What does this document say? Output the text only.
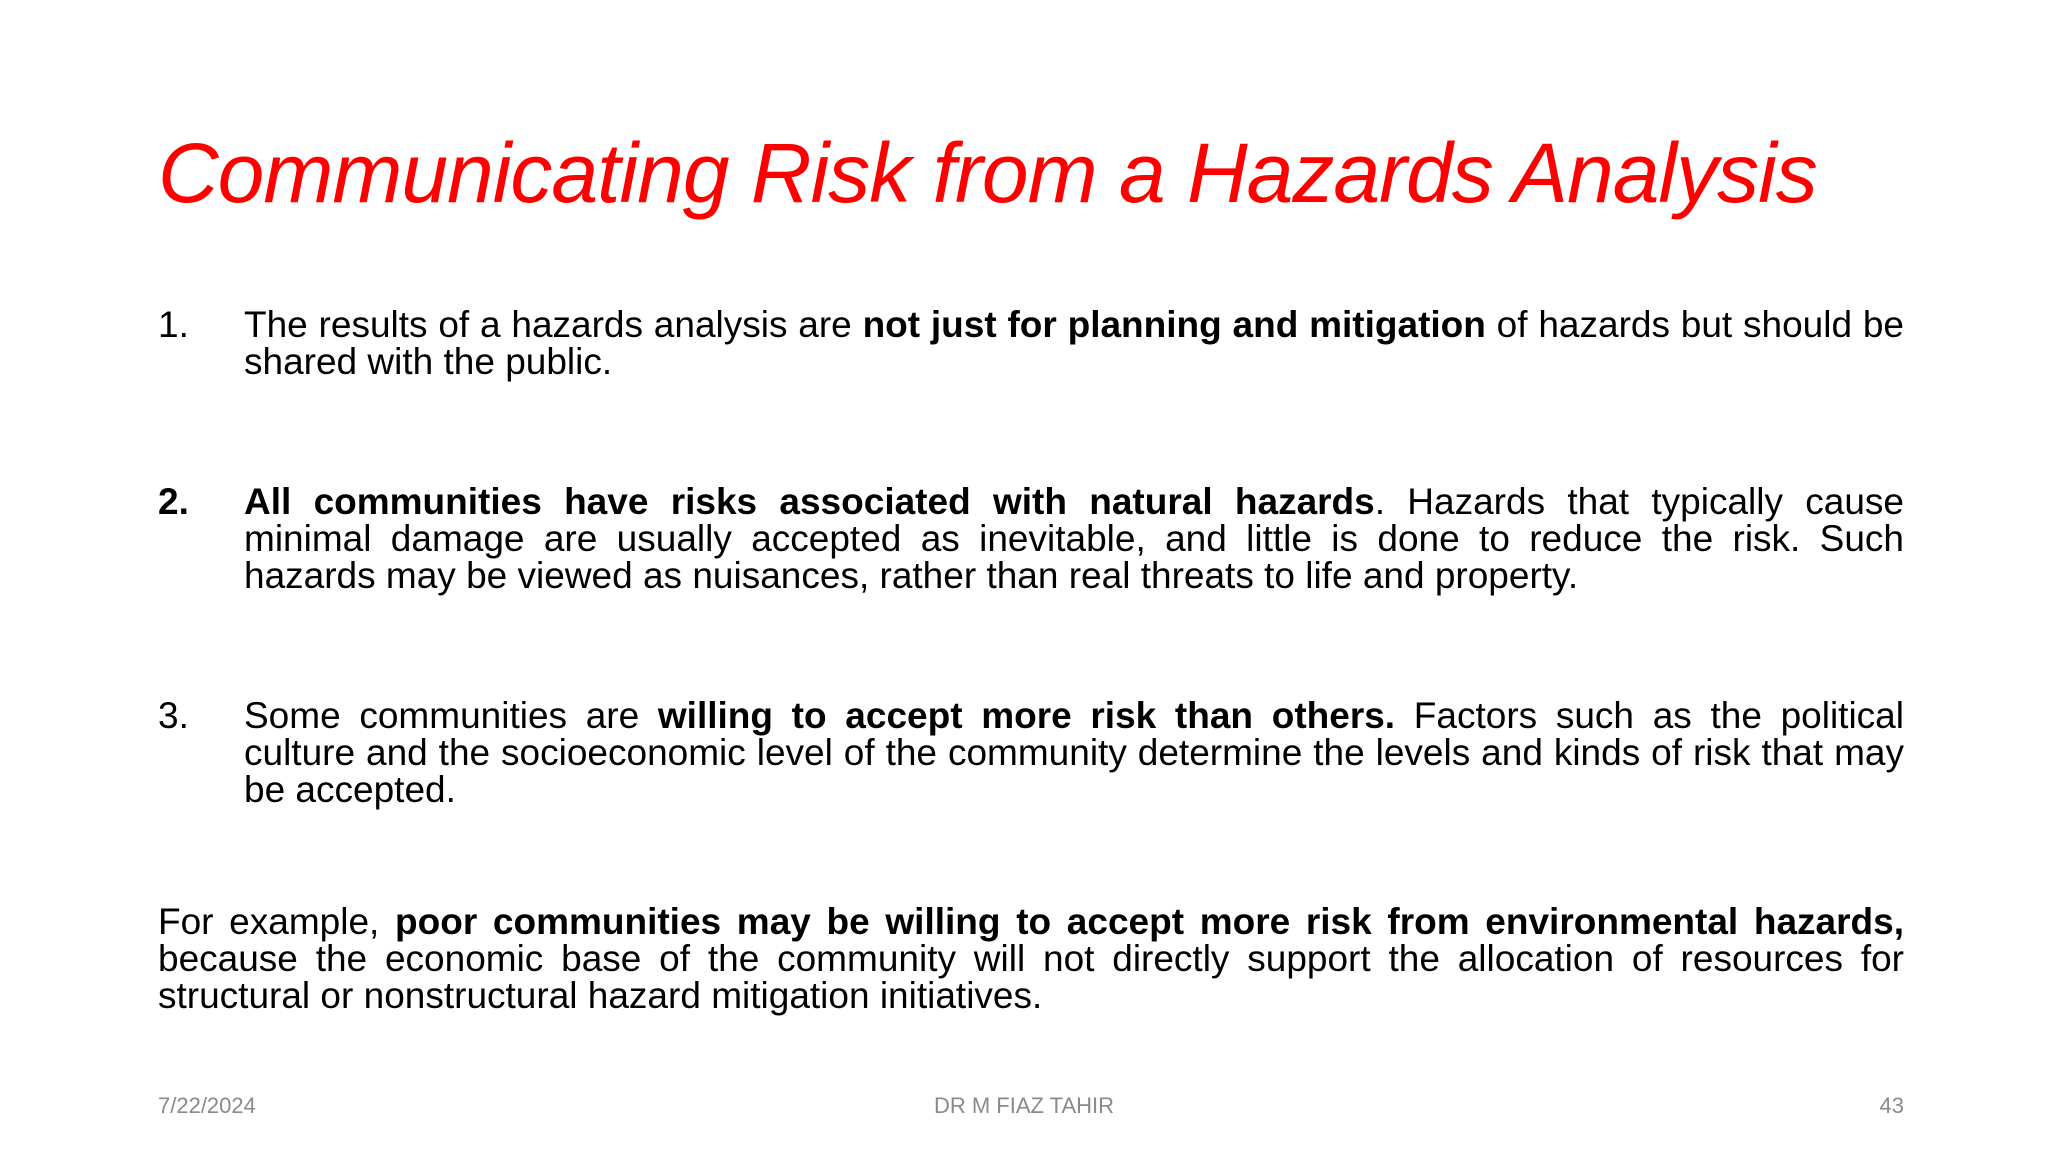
Communicating Risk from a Hazards Analysis
1.	The results of a hazards analysis are not just for planning and mitigation of hazards but should be shared with the public.
2.	All communities have risks associated with natural hazards. Hazards that typically cause minimal damage are usually accepted as inevitable, and little is done to reduce the risk. Such hazards may be viewed as nuisances, rather than real threats to life and property.
3.	Some communities are willing to accept more risk than others. Factors such as the political culture and the socioeconomic level of the community determine the levels and kinds of risk that may be accepted.

For example, poor communities may be willing to accept more risk from environmental hazards, because the economic base of the community will not directly support the allocation of resources for structural or nonstructural hazard mitigation initiatives.

7/22/2024	DR M FIAZ TAHIR	43
